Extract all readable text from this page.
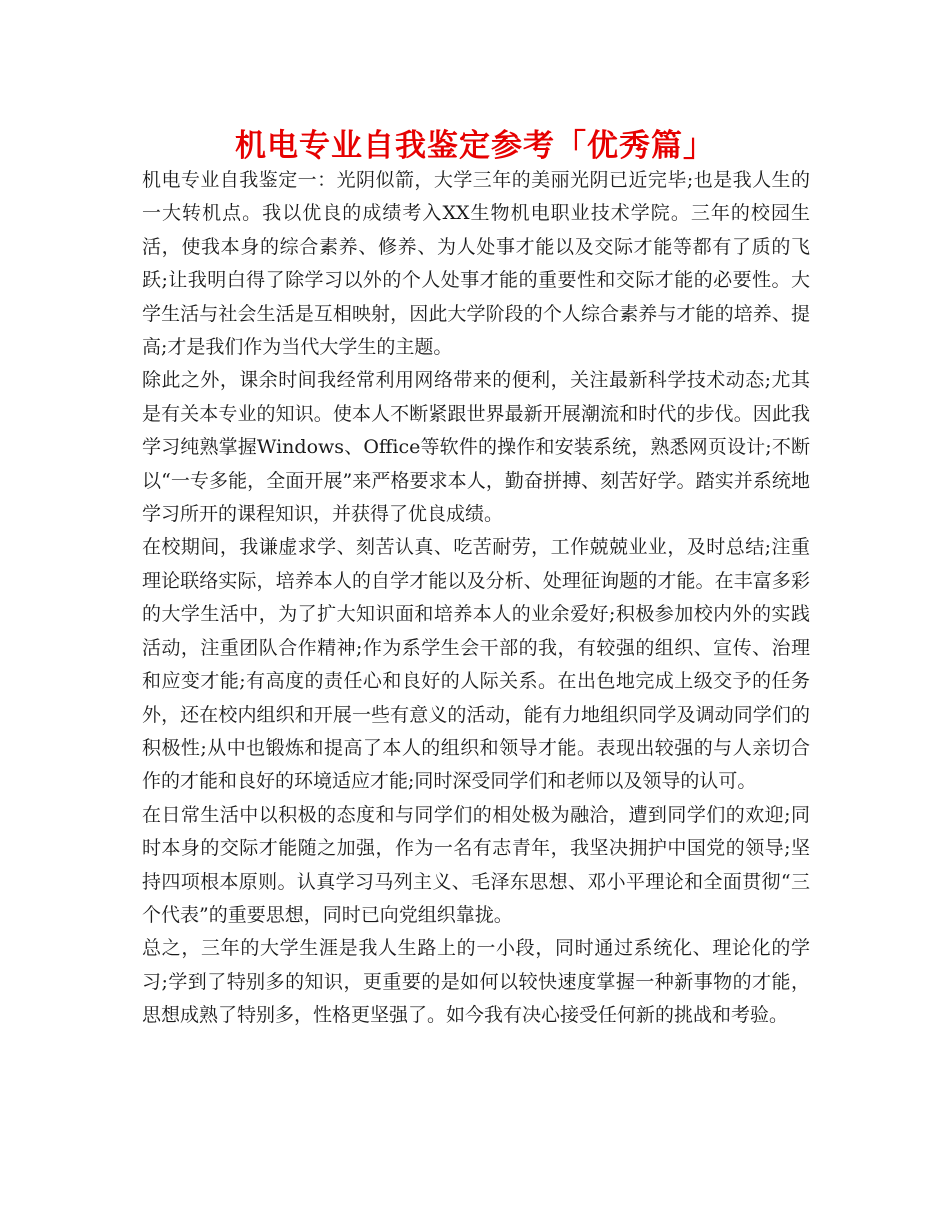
机电专业自我鉴定参考「优秀篇」

机电专业自我鉴定一：光阴似箭，大学三年的美丽光阴已近完毕;也是我人生的一大转机点。我以优良的成绩考入XX生物机电职业技术学院。三年的校园生活，使我本身的综合素养、修养、为人处事才能以及交际才能等都有了质的飞跃;让我明白得了除学习以外的个人处事才能的重要性和交际才能的必要性。大学生活与社会生活是互相映射，因此大学阶段的个人综合素养与才能的培养、提高;才是我们作为当代大学生的主题。

除此之外，课余时间我经常利用网络带来的便利，关注最新科学技术动态;尤其是有关本专业的知识。使本人不断紧跟世界最新开展潮流和时代的步伐。因此我学习纯熟掌握Windows、Office等软件的操作和安装系统，熟悉网页设计;不断以“一专多能，全面开展”来严格要求本人，勤奋拼搏、刻苦好学。踏实并系统地学习所开的课程知识，并获得了优良成绩。

在校期间，我谦虚求学、刻苦认真、吃苦耐劳，工作兢兢业业，及时总结;注重理论联络实际，培养本人的自学才能以及分析、处理征询题的才能。在丰富多彩的大学生活中，为了扩大知识面和培养本人的业余爱好;积极参加校内外的实践活动，注重团队合作精神;作为系学生会干部的我，有较强的组织、宣传、治理和应变才能;有高度的责任心和良好的人际关系。在出色地完成上级交予的任务外，还在校内组织和开展一些有意义的活动，能有力地组织同学及调动同学们的积极性;从中也锻炼和提高了本人的组织和领导才能。表现出较强的与人亲切合作的才能和良好的环境适应才能;同时深受同学们和老师以及领导的认可。

在日常生活中以积极的态度和与同学们的相处极为融洽，遭到同学们的欢迎;同时本身的交际才能随之加强，作为一名有志青年，我坚决拥护中国党的领导;坚持四项根本原则。认真学习马列主义、毛泽东思想、邓小平理论和全面贯彻“三个代表”的重要思想，同时已向党组织靠拢。

总之，三年的大学生涯是我人生路上的一小段，同时通过系统化、理论化的学习;学到了特别多的知识，更重要的是如何以较快速度掌握一种新事物的才能，思想成熟了特别多，性格更坚强了。如今我有决心接受任何新的挑战和考验。
